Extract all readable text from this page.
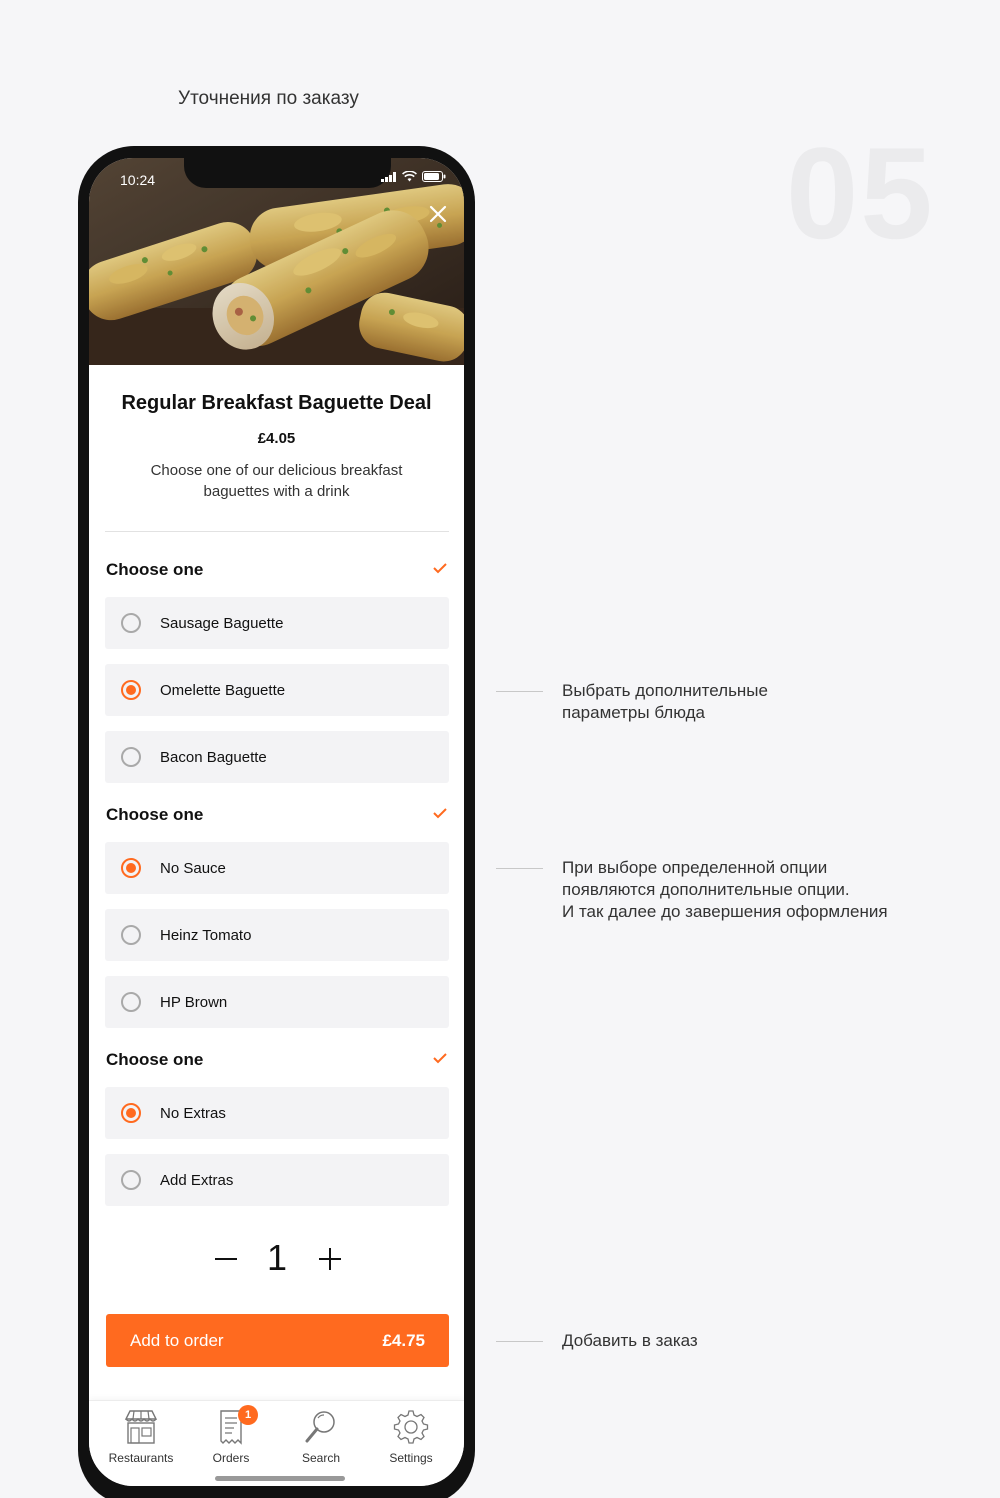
Уточнения по заказу
05
Выбрать дополнительные
параметры блюда
При выборе определенной опции
появляются дополнительные опции.
И так далее до завершения оформления
Добавить в заказ
10:24
Regular Breakfast Baguette Deal
£4.05
Choose one of our delicious breakfast baguettes with a drink
Choose one
Sausage Baguette
Omelette Baguette
Bacon Baguette
Choose one
No Sauce
Heinz Tomato
HP Brown
Choose one
No Extras
Add Extras
1
Add to order	£4.75
Restaurants
1
Orders	Search	Settings
